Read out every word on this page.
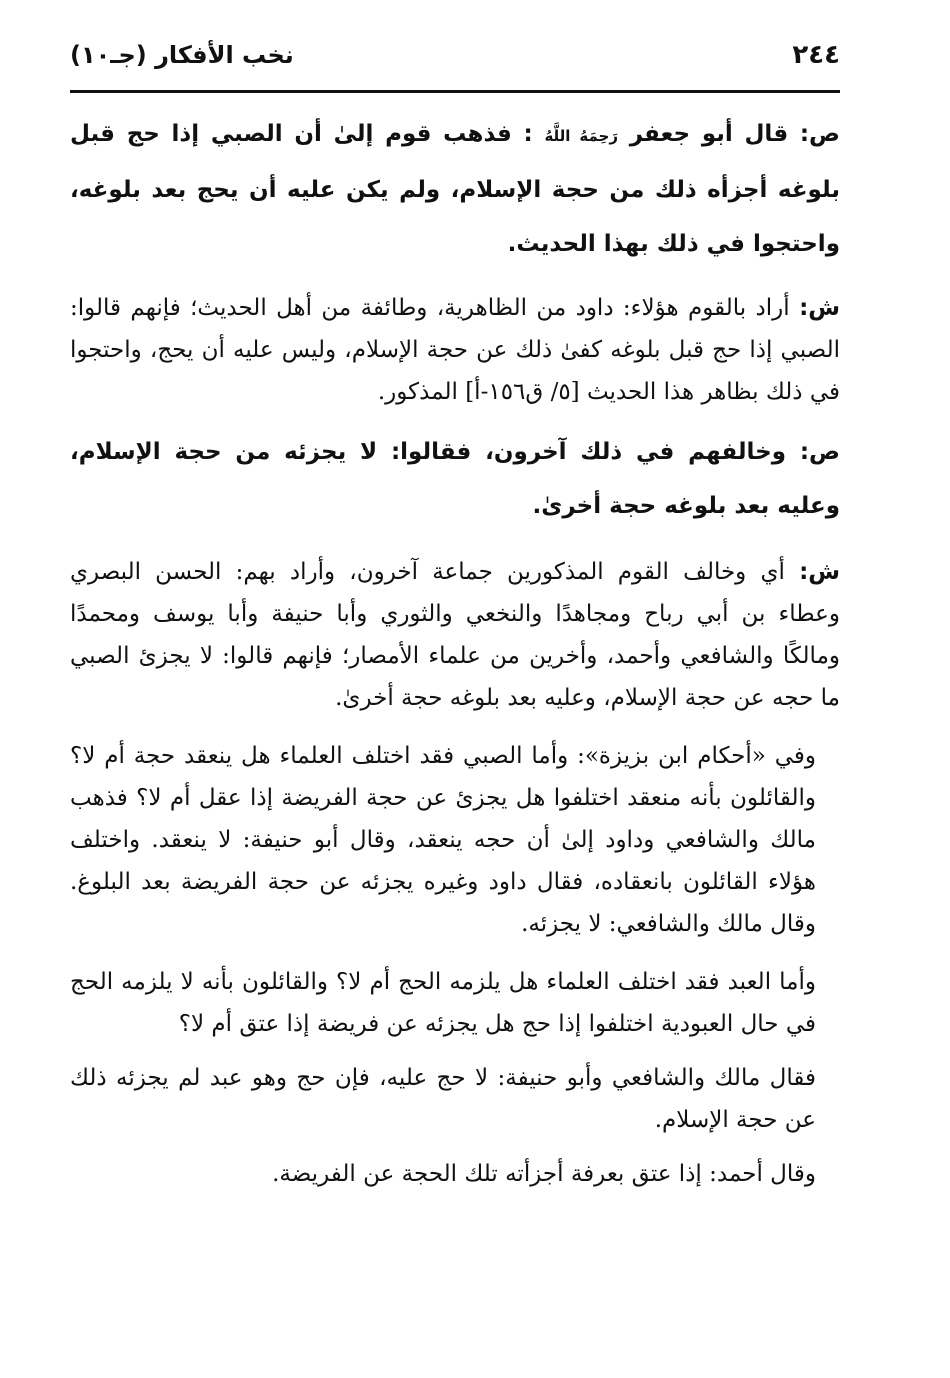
٢٤٤
نخب الأفكار (جـ١٠)

ص: قال أبو جعفر رَحِمَهُ اللَّهُ : فذهب قوم إلىٰ أن الصبي إذا حج قبل بلوغه أجزأه ذلك من حجة الإسلام، ولم يكن عليه أن يحج بعد بلوغه، واحتجوا في ذلك بهذا الحديث.

ش: أراد بالقوم هؤلاء: داود من الظاهرية، وطائفة من أهل الحديث؛ فإنهم قالوا: الصبي إذا حج قبل بلوغه كفىٰ ذلك عن حجة الإسلام، وليس عليه أن يحج، واحتجوا في ذلك بظاهر هذا الحديث [٥/ ق١٥٦-أ] المذكور.

ص: وخالفهم في ذلك آخرون، فقالوا: لا يجزئه من حجة الإسلام، وعليه بعد بلوغه حجة أخرىٰ.

ش: أي وخالف القوم المذكورين جماعة آخرون، وأراد بهم: الحسن البصري وعطاء بن أبي رباح ومجاهدًا والنخعي والثوري وأبا حنيفة وأبا يوسف ومحمدًا ومالكًا والشافعي وأحمد، وأخرين من علماء الأمصار؛ فإنهم قالوا: لا يجزئ الصبي ما حجه عن حجة الإسلام، وعليه بعد بلوغه حجة أخرىٰ.

وفي «أحكام ابن بزيزة»: وأما الصبي فقد اختلف العلماء هل ينعقد حجة أم لا؟ والقائلون بأنه منعقد اختلفوا هل يجزئ عن حجة الفريضة إذا عقل أم لا؟ فذهب مالك والشافعي وداود إلىٰ أن حجه ينعقد، وقال أبو حنيفة: لا ينعقد. واختلف هؤلاء القائلون بانعقاده، فقال داود وغيره يجزئه عن حجة الفريضة بعد البلوغ. وقال مالك والشافعي: لا يجزئه.

وأما العبد فقد اختلف العلماء هل يلزمه الحج أم لا؟ والقائلون بأنه لا يلزمه الحج في حال العبودية اختلفوا إذا حج هل يجزئه عن فريضة إذا عتق أم لا؟

فقال مالك والشافعي وأبو حنيفة: لا حج عليه، فإن حج وهو عبد لم يجزئه ذلك عن حجة الإسلام.

وقال أحمد: إذا عتق بعرفة أجزأته تلك الحجة عن الفريضة.
